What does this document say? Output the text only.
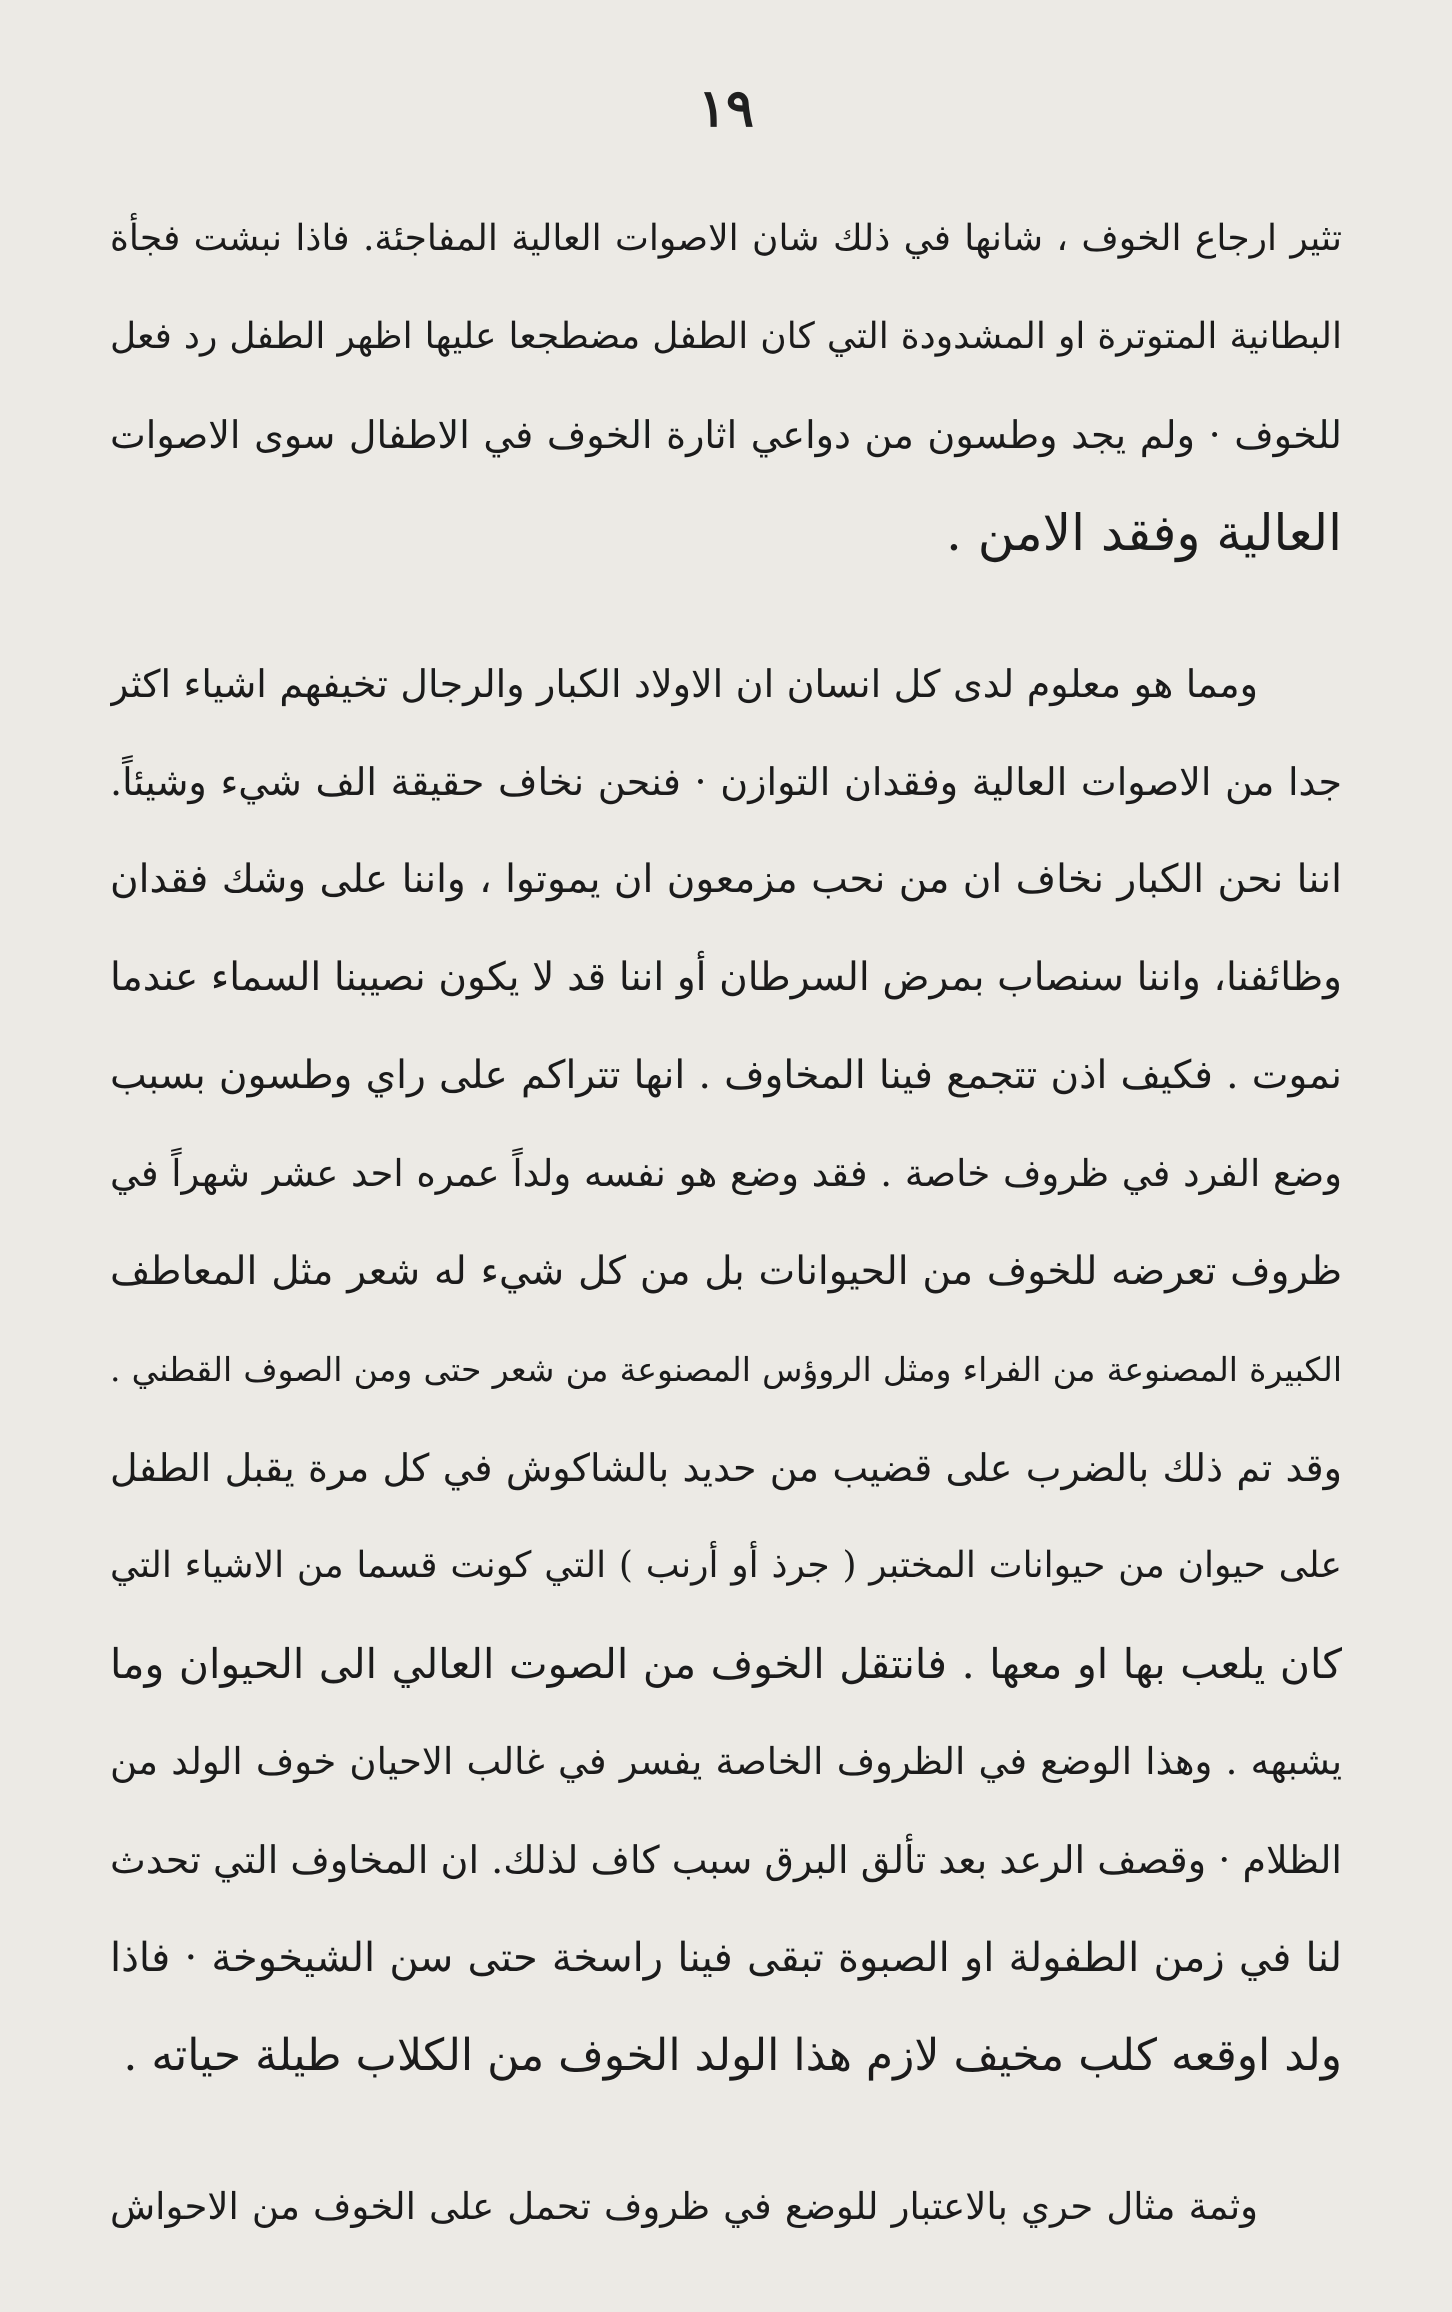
١٩
تثير ارجاع الخوف ، شانها في ذلك شان الاصوات العالية المفاجئة. فاذا نبشت فجأة
البطانية المتوترة او المشدودة التي كان الطفل مضطجعا عليها اظهر الطفل رد فعل
للخوف · ولم يجد وطسون من دواعي اثارة الخوف في الاطفال سوى الاصوات
العالية وفقد الامن .
ومما هو معلوم لدى كل انسان ان الاولاد الكبار والرجال تخيفهم اشياء اكثر
جدا من الاصوات العالية وفقدان التوازن · فنحن نخاف حقيقة الف شيء وشيئاً.
اننا نحن الكبار نخاف ان من نحب مزمعون ان يموتوا ، واننا على وشك فقدان
وظائفنا، واننا سنصاب بمرض السرطان أو اننا قد لا يكون نصيبنا السماء عندما
نموت . فكيف اذن تتجمع فينا المخاوف . انها تتراكم على راي وطسون بسبب
وضع الفرد في ظروف خاصة . فقد وضع هو نفسه ولداً عمره احد عشر شهراً في
ظروف تعرضه للخوف من الحيوانات بل من كل شيء له شعر مثل المعاطف
الكبيرة المصنوعة من الفراء ومثل الروؤس المصنوعة من شعر حتى ومن الصوف القطني .
وقد تم ذلك بالضرب على قضيب من حديد بالشاكوش في كل مرة يقبل الطفل
على حيوان من حيوانات المختبر ( جرذ أو أرنب ) التي كونت قسما من الاشياء التي
كان يلعب بها او معها . فانتقل الخوف من الصوت العالي الى الحيوان وما
يشبهه . وهذا الوضع في الظروف الخاصة يفسر في غالب الاحيان خوف الولد من
الظلام · وقصف الرعد بعد تألق البرق سبب كاف لذلك. ان المخاوف التي تحدث
لنا في زمن الطفولة او الصبوة تبقى فينا راسخة حتى سن الشيخوخة · فاذا
ولد اوقعه كلب مخيف لازم هذا الولد الخوف من الكلاب طيلة حياته .
وثمة مثال حري بالاعتبار للوضع في ظروف تحمل على الخوف من الاحواش
